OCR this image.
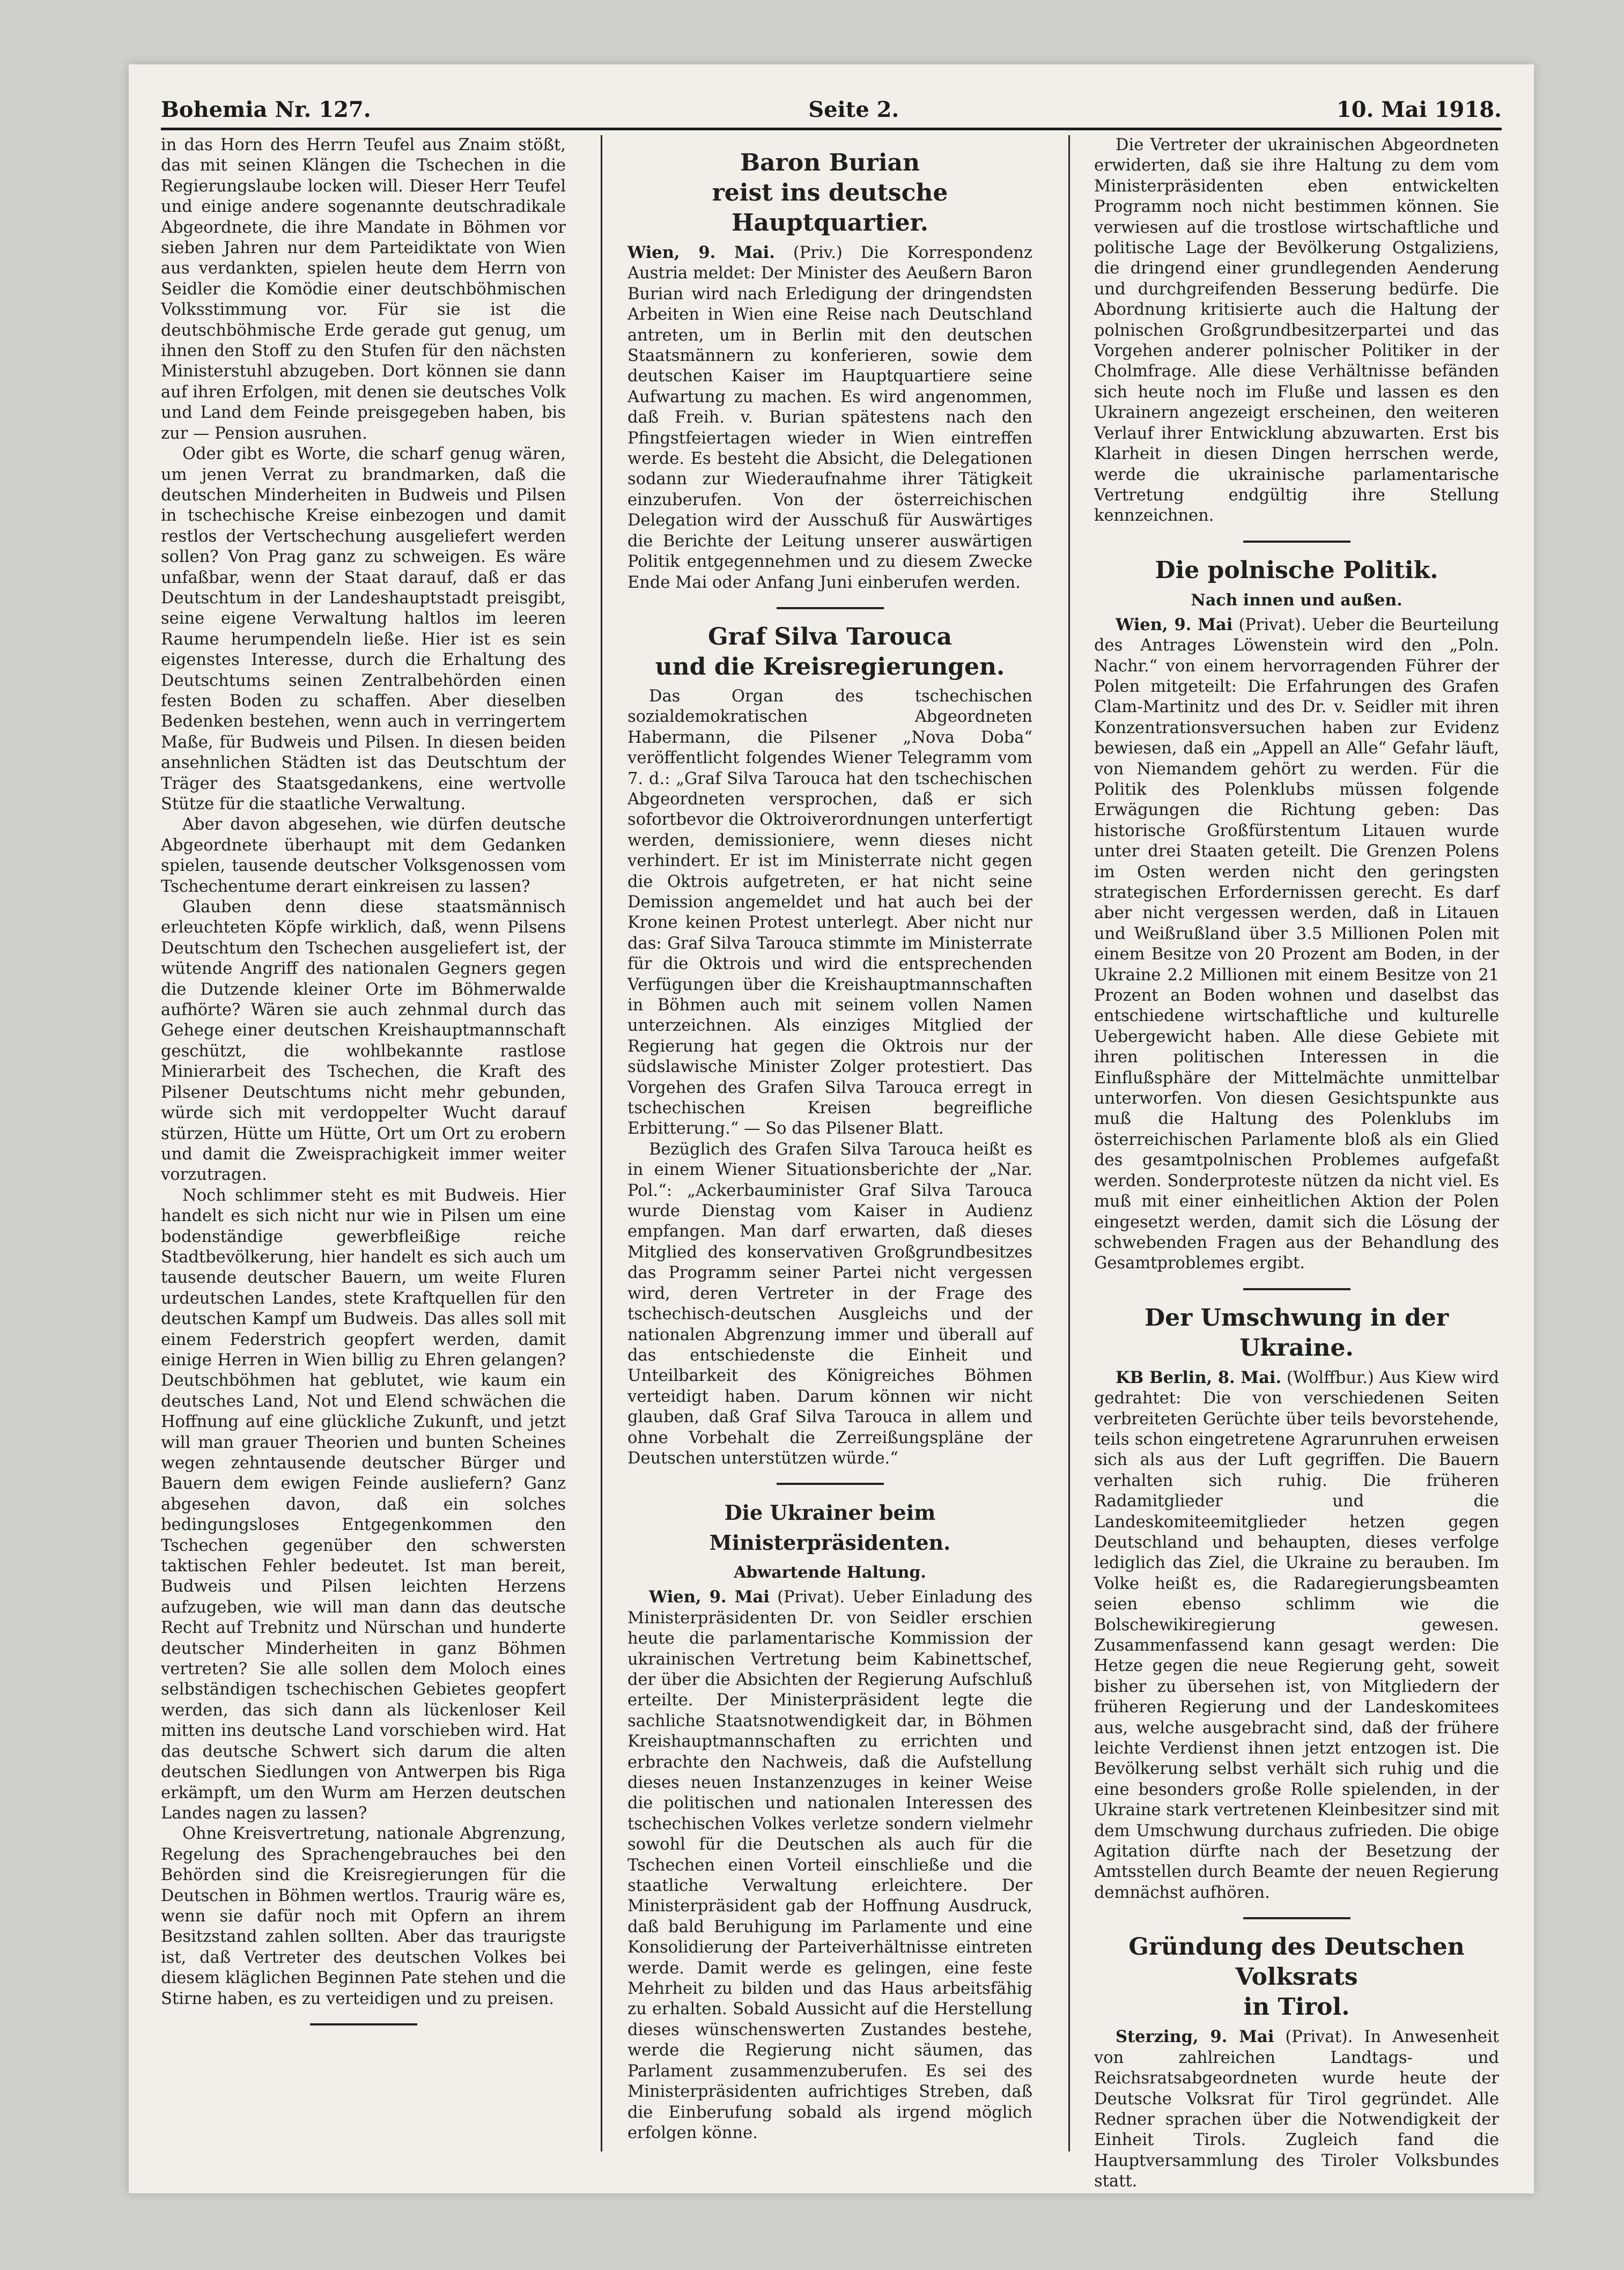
Bohemia Nr. 127.	Seite 2.	10. Mai 1918.

in das Horn des Herrn Teufel aus Znaim stößt, das mit seinen Klängen die Tschechen in die Regierungslaube locken will. Dieser Herr Teufel und einige andere sogenannte deutschradikale Abgeordnete, die ihre Mandate in Böhmen vor sieben Jahren nur dem Parteidiktate von Wien aus verdankten, spielen heute dem Herrn von Seidler die Komödie einer deutschböhmischen Volksstimmung vor. Für sie ist die deutschböhmische Erde gerade gut genug, um ihnen den Stoff zu den Stufen für den nächsten Ministerstuhl abzugeben. Dort können sie dann auf ihren Erfolgen, mit denen sie deutsches Volk und Land dem Feinde preisgegeben haben, bis zur — Pension ausruhen.

Oder gibt es Worte, die scharf genug wären, um jenen Verrat zu brandmarken, daß die deutschen Minderheiten in Budweis und Pilsen in tschechische Kreise einbezogen und damit restlos der Vertschechung ausgeliefert werden sollen? Von Prag ganz zu schweigen. Es wäre unfaßbar, wenn der Staat darauf, daß er das Deutschtum in der Landeshauptstadt preisgibt, seine eigene Verwaltung haltlos im leeren Raume herumpendeln ließe. Hier ist es sein eigenstes Interesse, durch die Erhaltung des Deutschtums seinen Zentralbehörden einen festen Boden zu schaffen. Aber dieselben Bedenken bestehen, wenn auch in verringertem Maße, für Budweis und Pilsen. In diesen beiden ansehnlichen Städten ist das Deutschtum der Träger des Staatsgedankens, eine wertvolle Stütze für die staatliche Verwaltung.

Aber davon abgesehen, wie dürfen deutsche Abgeordnete überhaupt mit dem Gedanken spielen, tausende deutscher Volksgenossen vom Tschechentume derart einkreisen zu lassen?

Glauben denn diese staatsmännisch erleuchteten Köpfe wirklich, daß, wenn Pilsens Deutschtum den Tschechen ausgeliefert ist, der wütende Angriff des nationalen Gegners gegen die Dutzende kleiner Orte im Böhmerwalde aufhörte? Wären sie auch zehnmal durch das Gehege einer deutschen Kreishauptmannschaft geschützt, die wohlbekannte rastlose Minierarbeit des Tschechen, die Kraft des Pilsener Deutschtums nicht mehr gebunden, würde sich mit verdoppelter Wucht darauf stürzen, Hütte um Hütte, Ort um Ort zu erobern und damit die Zweisprachigkeit immer weiter vorzutragen.

Noch schlimmer steht es mit Budweis. Hier handelt es sich nicht nur wie in Pilsen um eine bodenständige gewerbfleißige reiche Stadtbevölkerung, hier handelt es sich auch um tausende deutscher Bauern, um weite Fluren urdeutschen Landes, stete Kraftquellen für den deutschen Kampf um Budweis. Das alles soll mit einem Federstrich geopfert werden, damit einige Herren in Wien billig zu Ehren gelangen? Deutschböhmen hat geblutet, wie kaum ein deutsches Land, Not und Elend schwächen die Hoffnung auf eine glückliche Zukunft, und jetzt will man grauer Theorien und bunten Scheines wegen zehntausende deutscher Bürger und Bauern dem ewigen Feinde ausliefern? Ganz abgesehen davon, daß ein solches bedingungsloses Entgegenkommen den Tschechen gegenüber den schwersten taktischen Fehler bedeutet. Ist man bereit, Budweis und Pilsen leichten Herzens aufzugeben, wie will man dann das deutsche Recht auf Trebnitz und Nürschan und hunderte deutscher Minderheiten in ganz Böhmen vertreten? Sie alle sollen dem Moloch eines selbständigen tschechischen Gebietes geopfert werden, das sich dann als lückenloser Keil mitten ins deutsche Land vorschieben wird. Hat das deutsche Schwert sich darum die alten deutschen Siedlungen von Antwerpen bis Riga erkämpft, um den Wurm am Herzen deutschen Landes nagen zu lassen?

Ohne Kreisvertretung, nationale Abgrenzung, Regelung des Sprachengebrauches bei den Behörden sind die Kreisregierungen für die Deutschen in Böhmen wertlos. Traurig wäre es, wenn sie dafür noch mit Opfern an ihrem Besitzstand zahlen sollten. Aber das traurigste ist, daß Vertreter des deutschen Volkes bei diesem kläglichen Beginnen Pate stehen und die Stirne haben, es zu verteidigen und zu preisen.

Baron Burian
reist ins deutsche Hauptquartier.

Wien, 9. Mai. (Priv.) Die Korrespondenz Austria meldet: Der Minister des Aeußern Baron Burian wird nach Erledigung der dringendsten Arbeiten in Wien eine Reise nach Deutschland antreten, um in Berlin mit den deutschen Staatsmännern zu konferieren, sowie dem deutschen Kaiser im Hauptquartiere seine Aufwartung zu machen. Es wird angenommen, daß Freih. v. Burian spätestens nach den Pfingstfeiertagen wieder in Wien eintreffen werde. Es besteht die Absicht, die Delegationen sodann zur Wiederaufnahme ihrer Tätigkeit einzuberufen. Von der österreichischen Delegation wird der Ausschuß für Auswärtiges die Berichte der Leitung unserer auswärtigen Politik entgegennehmen und zu diesem Zwecke Ende Mai oder Anfang Juni einberufen werden.

Graf Silva Tarouca
und die Kreisregierungen.

Das Organ des tschechischen sozialdemokratischen Abgeordneten Habermann, die Pilsener „Nova Doba“ veröffentlicht folgendes Wiener Telegramm vom 7. d.: „Graf Silva Tarouca hat den tschechischen Abgeordneten versprochen, daß er sich sofortbevor die Oktroiverordnungen unterfertigt werden, demissioniere, wenn dieses nicht verhindert. Er ist im Ministerrate nicht gegen die Oktrois aufgetreten, er hat nicht seine Demission angemeldet und hat auch bei der Krone keinen Protest unterlegt. Aber nicht nur das: Graf Silva Tarouca stimmte im Ministerrate für die Oktrois und wird die entsprechenden Verfügungen über die Kreishauptmannschaften in Böhmen auch mit seinem vollen Namen unterzeichnen. Als einziges Mitglied der Regierung hat gegen die Oktrois nur der südslawische Minister Zolger protestiert. Das Vorgehen des Grafen Silva Tarouca erregt in tschechischen Kreisen begreifliche Erbitterung.“ — So das Pilsener Blatt.

Bezüglich des Grafen Silva Tarouca heißt es in einem Wiener Situationsberichte der „Nar. Pol.“: „Ackerbauminister Graf Silva Tarouca wurde Dienstag vom Kaiser in Audienz empfangen. Man darf erwarten, daß dieses Mitglied des konservativen Großgrundbesitzes das Programm seiner Partei nicht vergessen wird, deren Vertreter in der Frage des tschechisch-deutschen Ausgleichs und der nationalen Abgrenzung immer und überall auf das entschiedenste die Einheit und Unteilbarkeit des Königreiches Böhmen verteidigt haben. Darum können wir nicht glauben, daß Graf Silva Tarouca in allem und ohne Vorbehalt die Zerreißungspläne der Deutschen unterstützen würde.“

Die Ukrainer beim Ministerpräsidenten.
Abwartende Haltung.

Wien, 9. Mai (Privat). Ueber Einladung des Ministerpräsidenten Dr. von Seidler erschien heute die parlamentarische Kommission der ukrainischen Vertretung beim Kabinettschef, der über die Absichten der Regierung Aufschluß erteilte. Der Ministerpräsident legte die sachliche Staatsnotwendigkeit dar, in Böhmen Kreishauptmannschaften zu errichten und erbrachte den Nachweis, daß die Aufstellung dieses neuen Instanzenzuges in keiner Weise die politischen und nationalen Interessen des tschechischen Volkes verletze sondern vielmehr sowohl für die Deutschen als auch für die Tschechen einen Vorteil einschließe und die staatliche Verwaltung erleichtere. Der Ministerpräsident gab der Hoffnung Ausdruck, daß bald Beruhigung im Parlamente und eine Konsolidierung der Parteiverhältnisse eintreten werde. Damit werde es gelingen, eine feste Mehrheit zu bilden und das Haus arbeitsfähig zu erhalten. Sobald Aussicht auf die Herstellung dieses wünschenswerten Zustandes bestehe, werde die Regierung nicht säumen, das Parlament zusammenzuberufen. Es sei des Ministerpräsidenten aufrichtiges Streben, daß die Einberufung sobald als irgend möglich erfolgen könne.

Die Vertreter der ukrainischen Abgeordneten erwiderten, daß sie ihre Haltung zu dem vom Ministerpräsidenten eben entwickelten Programm noch nicht bestimmen können. Sie verwiesen auf die trostlose wirtschaftliche und politische Lage der Bevölkerung Ostgaliziens, die dringend einer grundlegenden Aenderung und durchgreifenden Besserung bedürfe. Die Abordnung kritisierte auch die Haltung der polnischen Großgrundbesitzerpartei und das Vorgehen anderer polnischer Politiker in der Cholmfrage. Alle diese Verhältnisse befänden sich heute noch im Fluße und lassen es den Ukrainern angezeigt erscheinen, den weiteren Verlauf ihrer Entwicklung abzuwarten. Erst bis Klarheit in diesen Dingen herrschen werde, werde die ukrainische parlamentarische Vertretung endgültig ihre Stellung kennzeichnen.

Die polnische Politik.
Nach innen und außen.

Wien, 9. Mai (Privat). Ueber die Beurteilung des Antrages Löwenstein wird den „Poln. Nachr.“ von einem hervorragenden Führer der Polen mitgeteilt: Die Erfahrungen des Grafen Clam-Martinitz und des Dr. v. Seidler mit ihren Konzentrationsversuchen haben zur Evidenz bewiesen, daß ein „Appell an Alle“ Gefahr läuft, von Niemandem gehört zu werden. Für die Politik des Polenklubs müssen folgende Erwägungen die Richtung geben: Das historische Großfürstentum Litauen wurde unter drei Staaten geteilt. Die Grenzen Polens im Osten werden nicht den geringsten strategischen Erfordernissen gerecht. Es darf aber nicht vergessen werden, daß in Litauen und Weißrußland über 3.5 Millionen Polen mit einem Besitze von 20 Prozent am Boden, in der Ukraine 2.2 Millionen mit einem Besitze von 21 Prozent an Boden wohnen und daselbst das entschiedene wirtschaftliche und kulturelle Uebergewicht haben. Alle diese Gebiete mit ihren politischen Interessen in die Einflußsphäre der Mittelmächte unmittelbar unterworfen. Von diesen Gesichtspunkte aus muß die Haltung des Polenklubs im österreichischen Parlamente bloß als ein Glied des gesamtpolnischen Problemes aufgefaßt werden. Sonderproteste nützen da nicht viel. Es muß mit einer einheitlichen Aktion der Polen eingesetzt werden, damit sich die Lösung der schwebenden Fragen aus der Behandlung des Gesamtproblemes ergibt.

Der Umschwung in der Ukraine.

KB Berlin, 8. Mai. (Wolffbur.) Aus Kiew wird gedrahtet: Die von verschiedenen Seiten verbreiteten Gerüchte über teils bevorstehende, teils schon eingetretene Agrarunruhen erweisen sich als aus der Luft gegriffen. Die Bauern verhalten sich ruhig. Die früheren Radamitglieder und die Landeskomiteemitglieder hetzen gegen Deutschland und behaupten, dieses verfolge lediglich das Ziel, die Ukraine zu berauben. Im Volke heißt es, die Radaregierungsbeamten seien ebenso schlimm wie die Bolschewikiregierung gewesen. Zusammenfassend kann gesagt werden: Die Hetze gegen die neue Regierung geht, soweit bisher zu übersehen ist, von Mitgliedern der früheren Regierung und der Landeskomitees aus, welche ausgebracht sind, daß der frühere leichte Verdienst ihnen jetzt entzogen ist. Die Bevölkerung selbst verhält sich ruhig und die eine besonders große Rolle spielenden, in der Ukraine stark vertretenen Kleinbesitzer sind mit dem Umschwung durchaus zufrieden. Die obige Agitation dürfte nach der Besetzung der Amtsstellen durch Beamte der neuen Regierung demnächst aufhören.

Gründung des Deutschen Volksrats
in Tirol.

Sterzing, 9. Mai (Privat). In Anwesenheit von zahlreichen Landtags- und Reichsratsabgeordneten wurde heute der Deutsche Volksrat für Tirol gegründet. Alle Redner sprachen über die Notwendigkeit der Einheit Tirols. Zugleich fand die Hauptversammlung des Tiroler Volksbundes statt.
